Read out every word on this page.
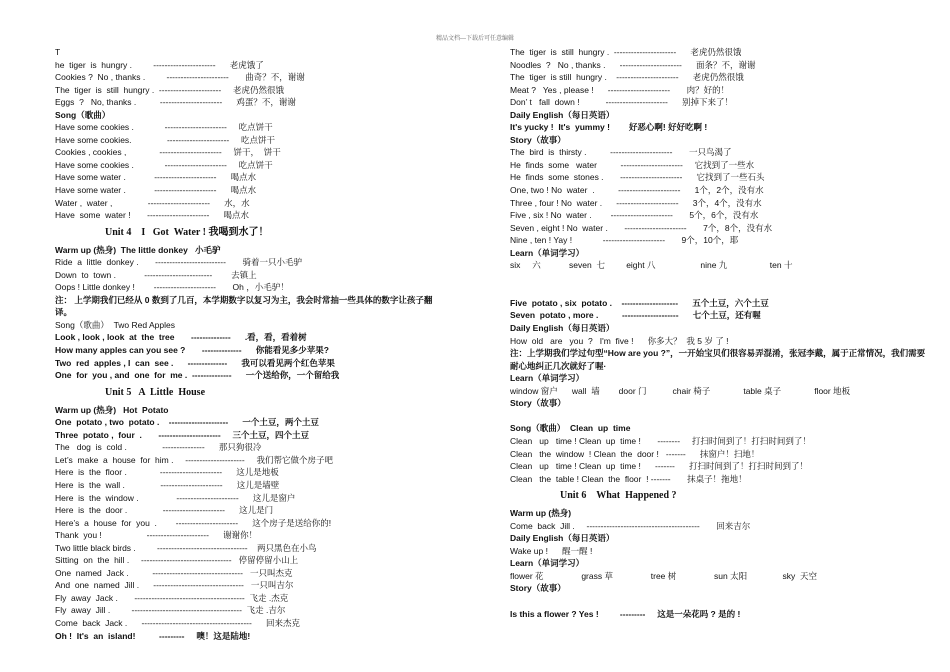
精品文档---下载后可任意编辑
T
he  tiger  is  hungry .         ----------------------      老虎饿了
Cookies ?  No , thanks .         ----------------------       曲奇？不，谢谢
The  tiger  is  still  hungry .  ----------------------     老虎仍然很饿
Eggs  ?   No, thanks .          ----------------------      鸡蛋？不，谢谢
Song（歌曲）
Have some cookies .             ----------------------     吃点饼干
Have some cookies.               ----------------------     吃点饼干
Cookies , cookies ,              ----------------------     饼干，  饼干
Have some cookies .             ----------------------     吃点饼干
Have some water .            ----------------------      喝点水
Have some water .            ----------------------      喝点水
Water ,  water ,               ----------------------      水，水
Have  some  water !       ----------------------      喝点水
Unit 4    I   Got  Water ! 我喝到水了！
Warm up (热身)  The little donkey   小毛驴
Ride  a  little  donkey .       -------------------------       骑着一只小毛驴
Down  to  town .            ------------------------        去镇上
Oops ! Little donkey !        ----------------------       Oh ，小毛驴！
注： 上学期我们已经从 0 数到了几百，本学期数字以复习为主，我会时常抽一些具体的数字让孩子翻译。
Song（歌曲）  Two Red Apples
Look , look , look  at  the  tree       --------------      .看，看，看着树
How many apples can you see ?       --------------      你能看见多少苹果?
Two  red  apples , I  can  see .      --------------      我可以看见两个红色苹果
One  for  you , and  one  for  me .  --------------      一个送给你，一个留给我
Unit 5   A  Little  House
Warm up (热身)   Hot  Potato
One  potato , two  potato .    ---------------------      一个土豆，两个土豆
Three  potato ,  four  .       ----------------------     三个土豆，四个土豆
The   dog  is  cold .               ---------------      那只狗很冷
Let’s  make  a  house  for  him .     ---------------------     我们帮它做个房子吧
Here  is  the  floor .              ----------------------      这儿是地板
Here  is  the  wall .               ----------------------      这儿是墙壁
Here  is  the  window .                ----------------------      这儿是窗户
Here  is  the  door .               ----------------------      这儿是门
Here’s  a  house  for  you  .        ----------------------      这个房子是送给你的!
Thank  you !                   ----------------------      谢谢你！
Two little black birds .         --------------------------------    两只黑色在小鸟
Sitting  on  the  hill .     --------------------------------   停留停留小山上
One  named  Jack .          --------------------------------   一只叫杰克
And  one  named  Jill .      --------------------------------   一只叫吉尔
Fly  away  Jack .       ---------------------------------------  飞走 .杰克
Fly  away  Jill .         ---------------------------------------  飞走 .吉尔
Come  back  Jack .      ---------------------------------------      回来杰克
Oh !  It's  an  island!          ---------     噢！这是陆地!
The  tiger  is  still  hungry .  ----------------------      老虎仍然很饿
Noodles  ?   No , thanks .      ----------------------      面条？不，谢谢
The  tiger  is still  hungry .    ----------------------      老虎仍然很饿
Meat ?   Yes , please !      ----------------------       肉？好的！
Don’ t   fall  down !           ----------------------      别掉下来了！
Daily English（每日英语）
It's yucky !  It's  yummy !        好恶心啊! 好好吃啊 !
Story（故事）
The  bird  is  thirsty .          ----------------------       一只鸟渴了
He  finds  some   water          ----------------------     它找到了一些水
He  finds  some  stones .       ----------------------      它找到了一些石头
One, two ! No  water  .          ----------------------      1个，2个，没有水
Three , four ! No  water .      ----------------------      3个，4个，没有水
Five , six ! No  water .        ----------------------       5个，6个，没有水
Seven , eight ! No  water .       ----------------------       7个，8个，没有水
Nine , ten ! Yay !             ----------------------       9个，10个，耶
Learn（单词学习）
six     六            seven  七         eight 八                   nine 九                  ten 十
Five  potato , six  potato .    --------------------      五个土豆，六个土豆
Seven  potato , more .          --------------------      七个土豆，还有喔
Daily English（每日英语）
How  old   are   you  ?   I'm  five !      你多大？  我 5 岁 了 !
注：上学期我们学过句型“How are you ?”，一开始宝贝们很容易弄混淆，张冠李戴，属于正常情况，我们需要耐心地纠正几次就好了喔·
Learn（单词学习）
window 窗户      wall  墙        door 门           chair 椅子              table 桌子              floor 地板
Story（故事）
Song（歌曲）  Clean  up  time
Clean   up   time ! Clean  up  time !       --------     打扫时间到了！打扫时间到了！
Clean   the  window  ! Clean  the  door !   -------      抹窗户！扫地！
Clean   up   time ! Clean  up  time !      -------      打扫时间到了！打扫时间到了！
Clean   the  table ! Clean  the  floor  ! -------       抹桌子！拖地！
Unit 6    What  Happened ?
Warm up (热身)
Come  back  Jill .     ----------------------------------------       回来吉尔
Daily English（每日英语）
Wake up !      醒一醒 !
Learn（单词学习）
flower 花                grass 草                tree 树                sun 太阳               sky  天空
Story（故事）
Is this a flower ? Yes !         ---------     这是一朵花吗 ? 是的 !
